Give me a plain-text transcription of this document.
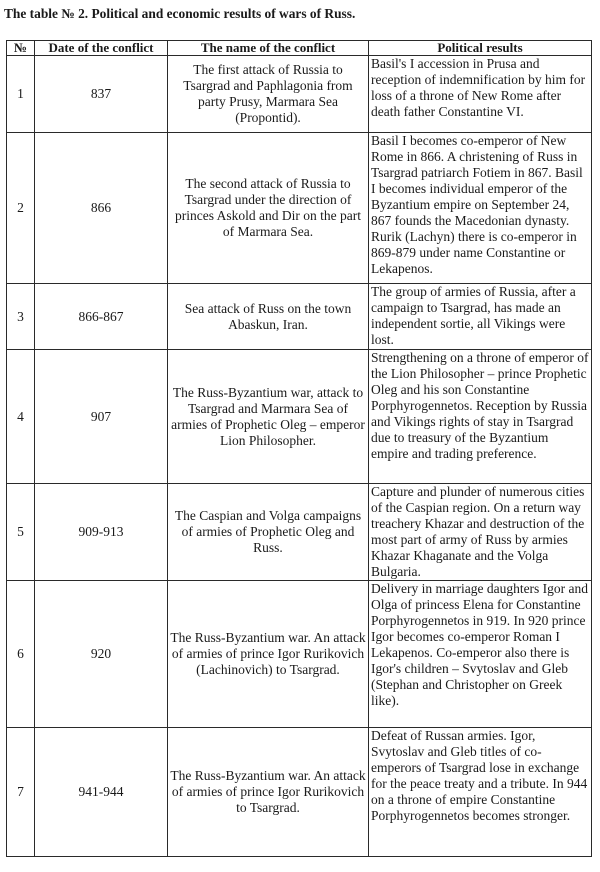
The table № 2. Political and economic results of wars of Russ.
№	Date of the conflict	The name of the conflict	Political results
1	837	The first attack of Russia to Tsargrad and Paphlagonia from party Prusy, Marmara Sea (Propontid).	Basil's I accession in Prusa and reception of indemnification by him for loss of a throne of New Rome after death father Constantine VI.
2	866	The second attack of Russia to Tsargrad under the direction of princes Askold and Dir on the part of Marmara Sea.	Basil I becomes co-emperor of New Rome in 866. A christening of Russ in Tsargrad patriarch Fotiem in 867. Basil I becomes individual emperor of the Byzantium empire on September 24, 867 founds the Macedonian dynasty. Rurik (Lachyn) there is co-emperor in 869-879 under name Constantine or Lekapenos.
3	866-867	Sea attack of Russ on the town Abaskun, Iran.	The group of armies of Russia, after a campaign to Tsargrad, has made an independent sortie, all Vikings were lost.
4	907	The Russ-Byzantium war, attack to Tsargrad and Marmara Sea of armies of Prophetic Oleg – emperor Lion Philosopher.	Strengthening on a throne of emperor of the Lion Philosopher – prince Prophetic Oleg and his son Constantine Porphyrogennetos. Reception by Russia and Vikings rights of stay in Tsargrad due to treasury of the Byzantium empire and trading preference.
5	909-913	The Caspian and Volga campaigns of armies of Prophetic Oleg and Russ.	Capture and plunder of numerous cities of the Caspian region. On a return way treachery Khazar and destruction of the most part of army of Russ by armies Khazar Khaganate and the Volga Bulgaria.
6	920	The Russ-Byzantium war. An attack of armies of prince Igor Rurikovich (Lachinovich) to Tsargrad.	Delivery in marriage daughters Igor and Olga of princess Elena for Constantine Porphyrogennetos in 919. In 920 prince Igor becomes co-emperor Roman I Lekapenos. Co-emperor also there is Igor's children – Svytoslav and Gleb (Stephan and Christopher on Greek like).
7	941-944	The Russ-Byzantium war. An attack of armies of prince Igor Rurikovich to Tsargrad.	Defeat of Russan armies. Igor, Svytoslav and Gleb titles of co-emperors of Tsargrad lose in exchange for the peace treaty and a tribute. In 944 on a throne of empire Constantine Porphyrogennetos becomes stronger.
